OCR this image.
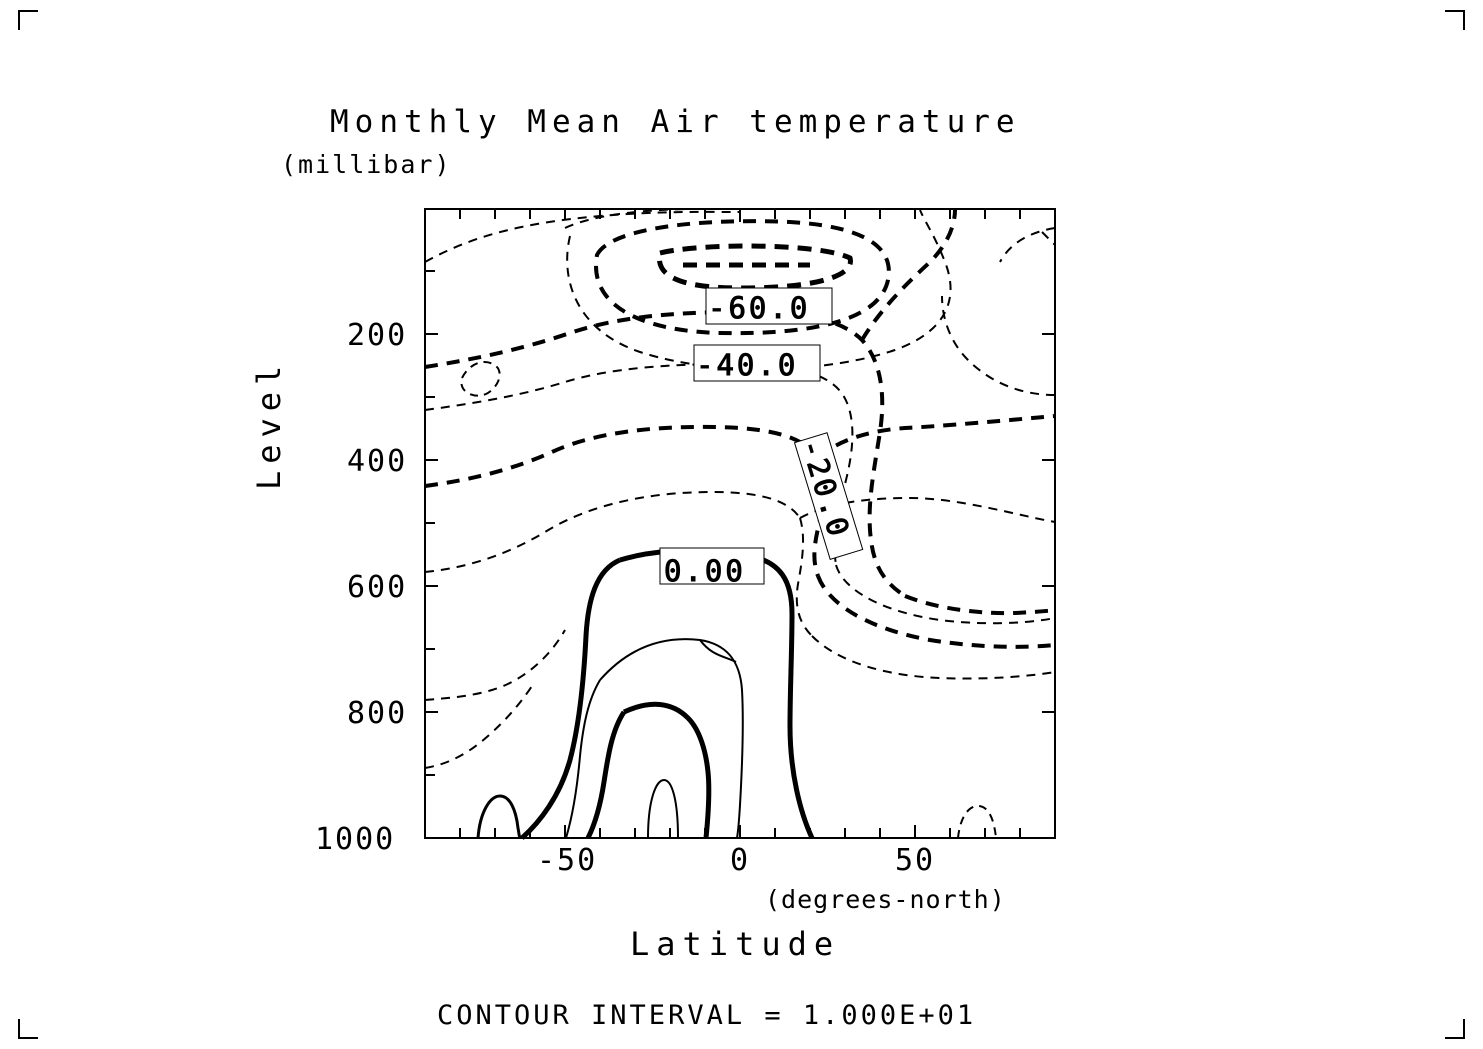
Monthly Mean Air temperature
(millibar)
(degrees-north)
Latitude
Level
CONTOUR INTERVAL = 1.000E+01
-50	0	50
200
400
600
800
1000
-60.0
-40.0
-20.0
0.00
